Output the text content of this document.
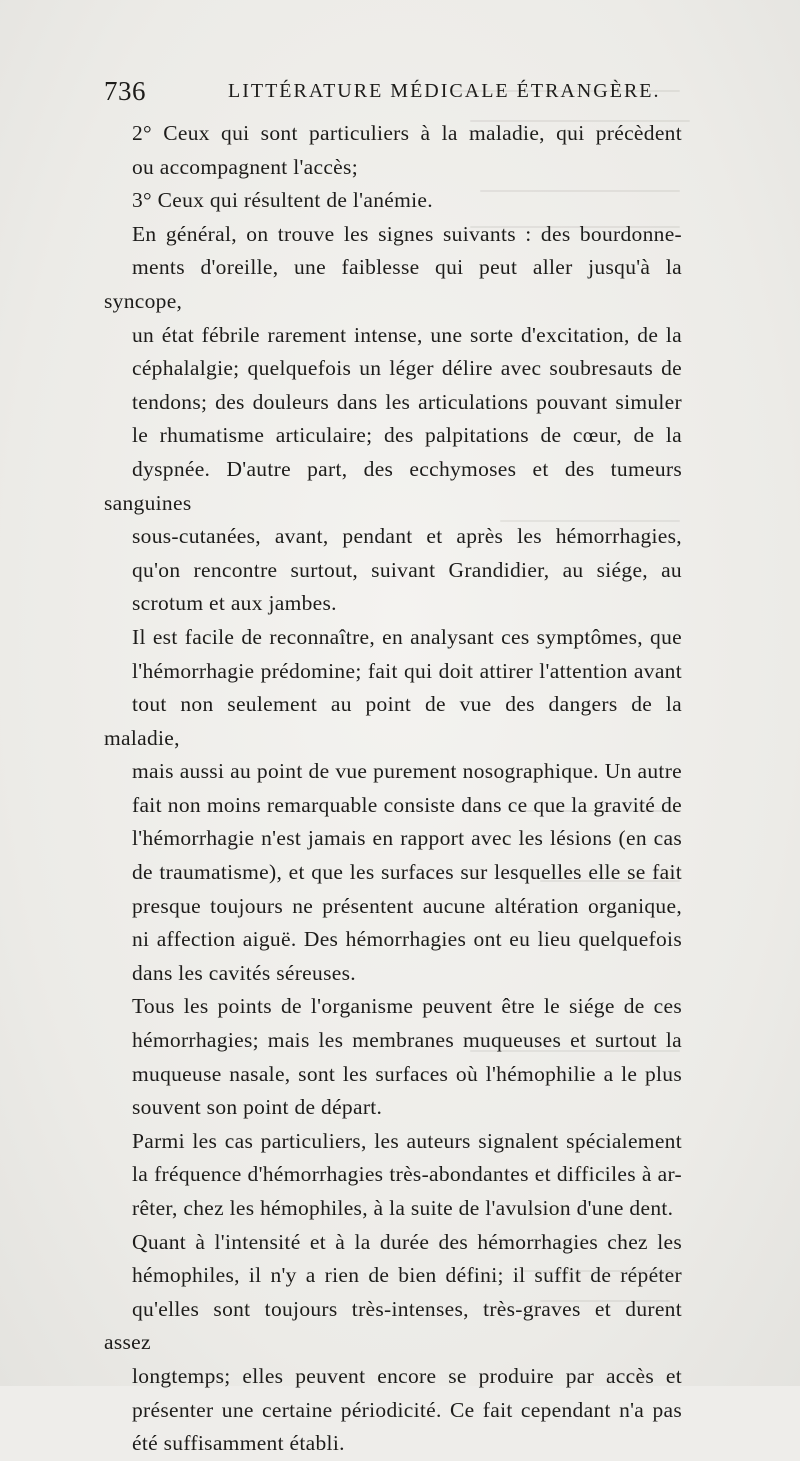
736	LITTÉRATURE MÉDICALE ÉTRANGÈRE.

2° Ceux qui sont particuliers à la maladie, qui précèdent
ou accompagnent l'accès;

3° Ceux qui résultent de l'anémie.

En général, on trouve les signes suivants : des bourdonne-
ments d'oreille, une faiblesse qui peut aller jusqu'à la syncope,
un état fébrile rarement intense, une sorte d'excitation, de la
céphalalgie; quelquefois un léger délire avec soubresauts de
tendons; des douleurs dans les articulations pouvant simuler
le rhumatisme articulaire; des palpitations de cœur, de la
dyspnée. D'autre part, des ecchymoses et des tumeurs sanguines
sous-cutanées, avant, pendant et après les hémorrhagies,
qu'on rencontre surtout, suivant Grandidier, au siége, au
scrotum et aux jambes.

Il est facile de reconnaître, en analysant ces symptômes, que
l'hémorrhagie prédomine; fait qui doit attirer l'attention avant
tout non seulement au point de vue des dangers de la maladie,
mais aussi au point de vue purement nosographique. Un autre
fait non moins remarquable consiste dans ce que la gravité de
l'hémorrhagie n'est jamais en rapport avec les lésions (en cas
de traumatisme), et que les surfaces sur lesquelles elle se fait
presque toujours ne présentent aucune altération organique,
ni affection aiguë. Des hémorrhagies ont eu lieu quelquefois
dans les cavités séreuses.

Tous les points de l'organisme peuvent être le siége de ces
hémorrhagies; mais les membranes muqueuses et surtout la
muqueuse nasale, sont les surfaces où l'hémophilie a le plus
souvent son point de départ.

Parmi les cas particuliers, les auteurs signalent spécialement
la fréquence d'hémorrhagies très-abondantes et difficiles à ar-
rêter, chez les hémophiles, à la suite de l'avulsion d'une dent.

Quant à l'intensité et à la durée des hémorrhagies chez les
hémophiles, il n'y a rien de bien défini; il suffit de répéter
qu'elles sont toujours très-intenses, très-graves et durent assez
longtemps; elles peuvent encore se produire par accès et
présenter une certaine périodicité. Ce fait cependant n'a pas
été suffisamment établi.
